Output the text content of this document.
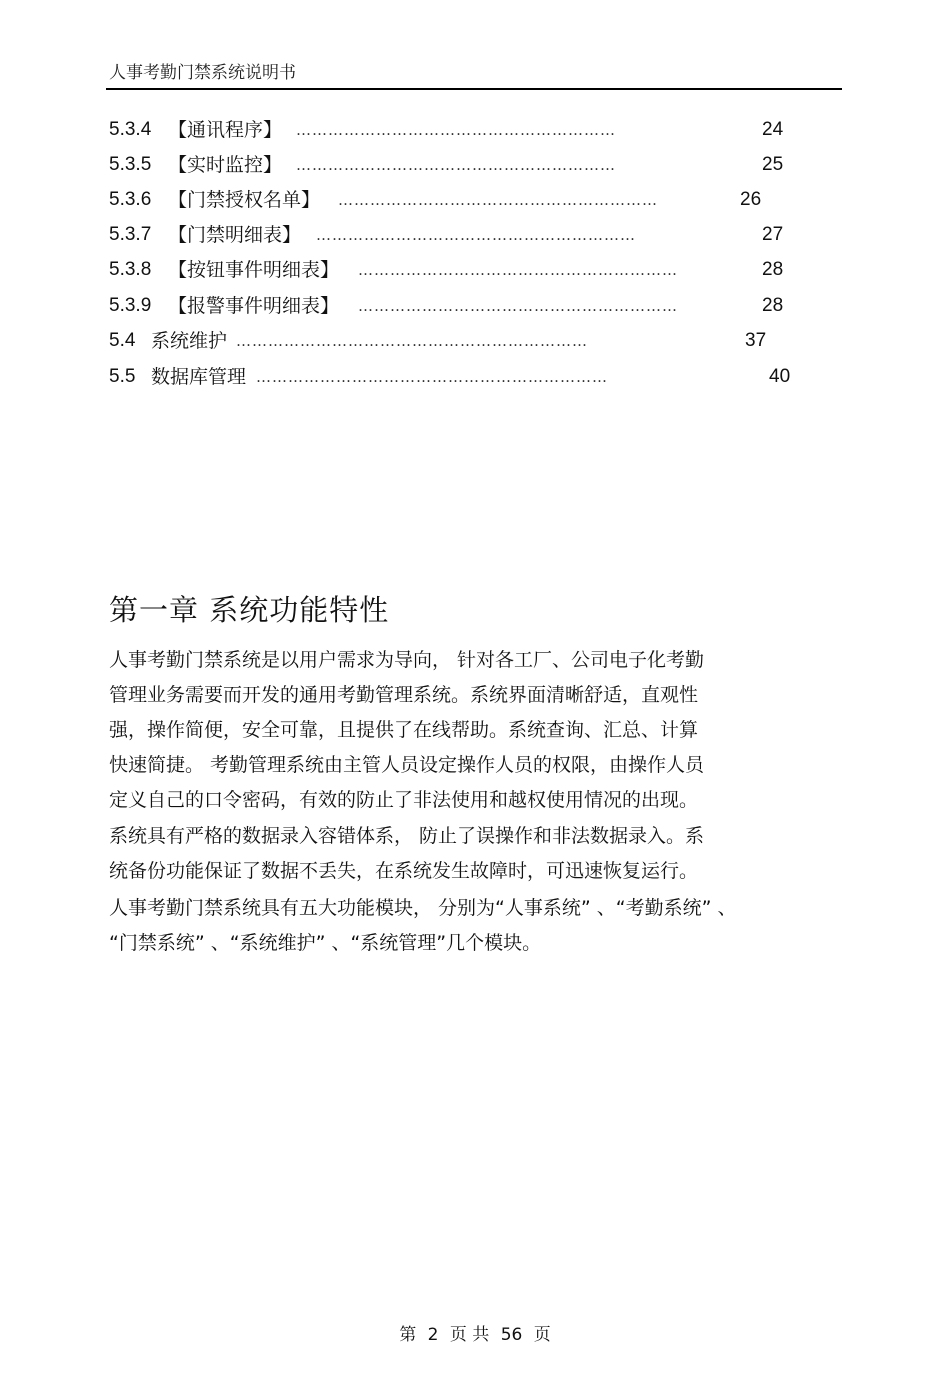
人事考勤门禁系统说明书
5.3.4 【通讯程序】 ……………………………………………………	24
5.3.5 【实时监控】 ……………………………………………………	25
5.3.6 【门禁授权名单】 ……………………………………………………	26
5.3.7 【门禁明细表】 ……………………………………………………	27
5.3.8 【按钮事件明细表】 ……………………………………………………	28
5.3.9 【报警事件明细表】 ……………………………………………………	28
5.4 系统维护 …………………………………………………………	37
5.5 数据库管理 …………………………………………………………	40
第一章 系统功能特性
人事考勤门禁系统是以用户需求为导向， 针对各工厂、公司电子化考勤
管理业务需要而开发的通用考勤管理系统。系统界面清晰舒适，直观性
强，操作简便，安全可靠，且提供了在线帮助。系统查询、汇总、计算
快速简捷。 考勤管理系统由主管人员设定操作人员的权限，由操作人员
定义自己的口令密码，有效的防止了非法使用和越权使用情况的出现。
系统具有严格的数据录入容错体系， 防止了误操作和非法数据录入。系
统备份功能保证了数据不丢失，在系统发生故障时，可迅速恢复运行。
人事考勤门禁系统具有五大功能模块， 分别为“人事系统” 、“考勤系统” 、
“门禁系统” 、“系统维护” 、“系统管理”几个模块。
第 2 页 共 56 页
